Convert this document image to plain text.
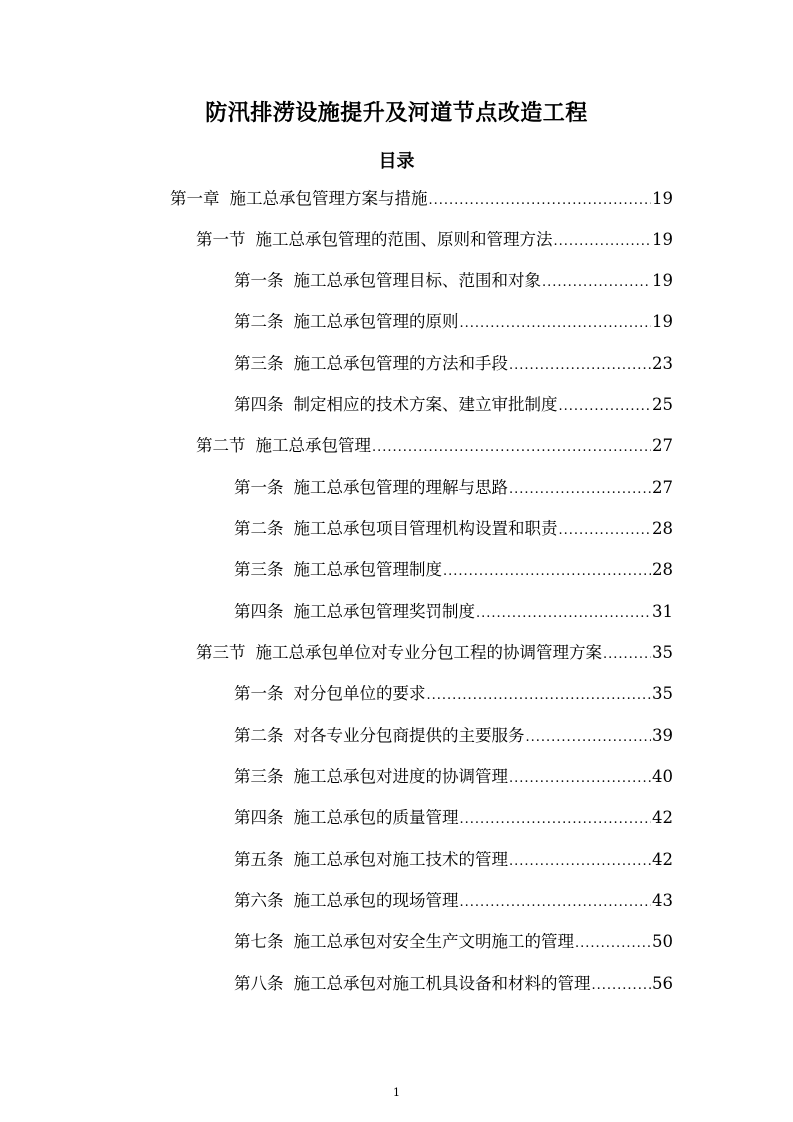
防汛排涝设施提升及河道节点改造工程
目录
第一章 施工总承包管理方案与措施 .....	19
第一节 施工总承包管理的范围、原则和管理方法 .....	19
第一条 施工总承包管理目标、范围和对象 .....	19
第二条 施工总承包管理的原则 .....	19
第三条 施工总承包管理的方法和手段 .....	23
第四条 制定相应的技术方案、建立审批制度 .....	25
第二节 施工总承包管理 .....	27
第一条 施工总承包管理的理解与思路 .....	27
第二条 施工总承包项目管理机构设置和职责 .....	28
第三条 施工总承包管理制度 .....	28
第四条 施工总承包管理奖罚制度 .....	31
第三节 施工总承包单位对专业分包工程的协调管理方案 .....	35
第一条 对分包单位的要求 .....	35
第二条 对各专业分包商提供的主要服务 .....	39
第三条 施工总承包对进度的协调管理 .....	40
第四条 施工总承包的质量管理 .....	42
第五条 施工总承包对施工技术的管理 .....	42
第六条 施工总承包的现场管理 .....	43
第七条 施工总承包对安全生产文明施工的管理 .....	50
第八条 施工总承包对施工机具设备和材料的管理 .....	56
1
